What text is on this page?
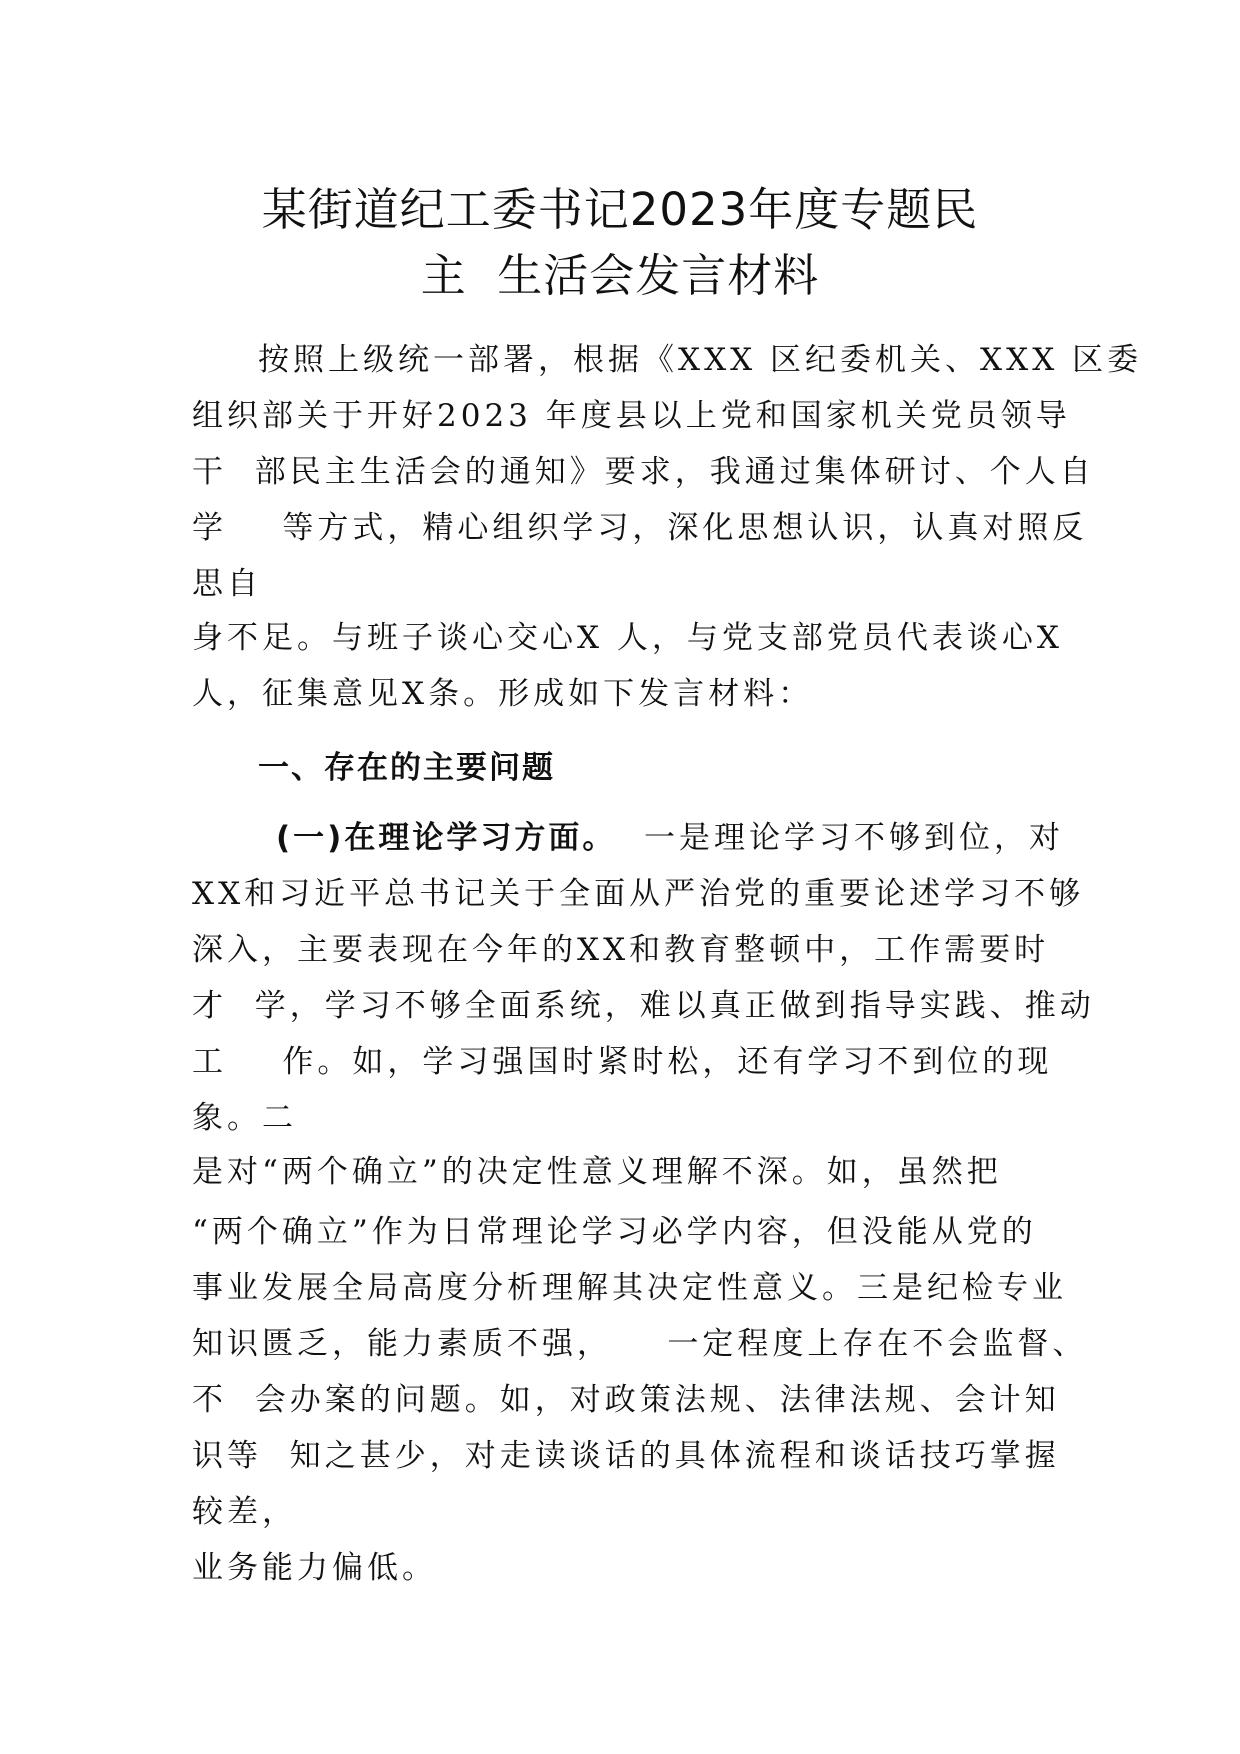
某街道纪工委书记2023年度专题民
主  生活会发言材料
按照上级统一部署，根据《XXX 区纪委机关、XXX 区委
组织部关于开好2023 年度县以上党和国家机关党员领导
干  部民主生活会的通知》要求，我通过集体研讨、个人自
学    等方式，精心组织学习，深化思想认识，认真对照反
思自
身不足。与班子谈心交心X 人，与党支部党员代表谈心X
人，征集意见X条。形成如下发言材料：
一、存在的主要问题
(一)在理论学习方面。  一是理论学习不够到位，对
XX和习近平总书记关于全面从严治党的重要论述学习不够
深入，主要表现在今年的XX和教育整顿中，工作需要时
才  学，学习不够全面系统，难以真正做到指导实践、推动
工    作。如，学习强国时紧时松，还有学习不到位的现
象。二
是对“两个确立”的决定性意义理解不深。如，虽然把
“两个确立”作为日常理论学习必学内容，但没能从党的
事业发展全局高度分析理解其决定性意义。三是纪检专业
知识匮乏，能力素质不强，    一定程度上存在不会监督、
不  会办案的问题。如，对政策法规、法律法规、会计知
识等  知之甚少，对走读谈话的具体流程和谈话技巧掌握
较差，
业务能力偏低。
